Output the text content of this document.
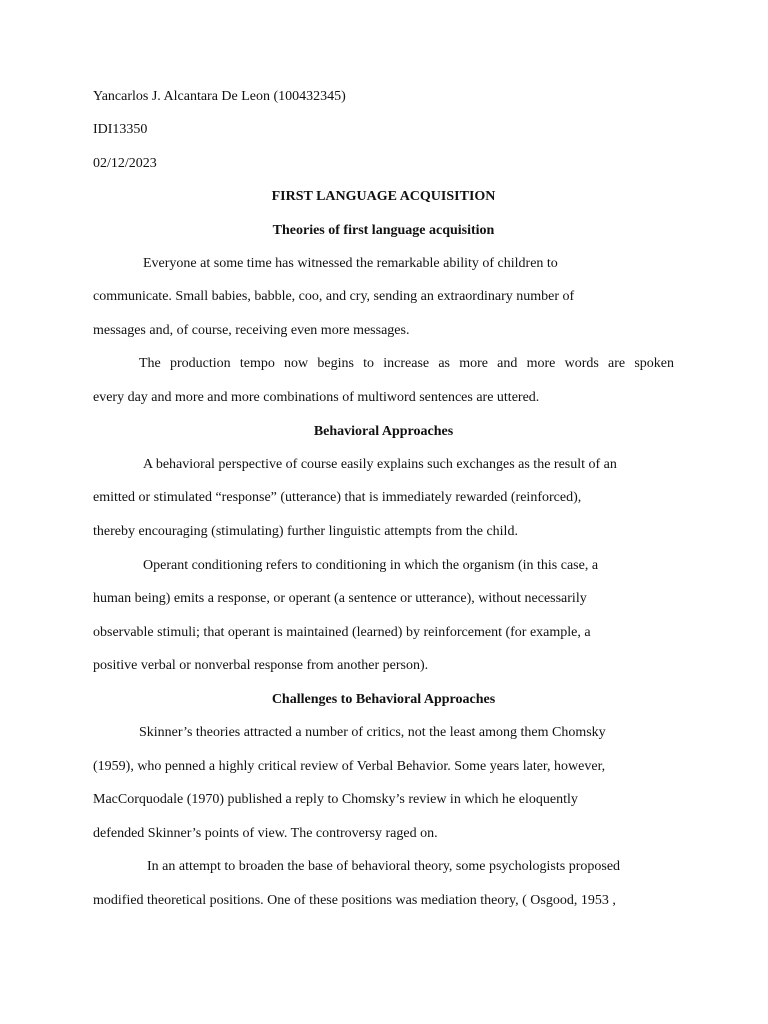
Yancarlos J. Alcantara De Leon (100432345)
IDI13350
02/12/2023
FIRST LANGUAGE ACQUISITION
Theories of first language acquisition
Everyone at some time has witnessed the remarkable ability of children to
communicate. Small babies, babble, coo, and cry, sending an extraordinary number of
messages and, of course, receiving even more messages.
The production tempo now begins to increase as more and more words are spoken
every day and more and more combinations of multiword sentences are uttered.
Behavioral Approaches
A behavioral perspective of course easily explains such exchanges as the result of an
emitted or stimulated “response” (utterance) that is immediately rewarded (reinforced),
thereby encouraging (stimulating) further linguistic attempts from the child.
Operant conditioning refers to conditioning in which the organism (in this case, a
human being) emits a response, or operant (a sentence or utterance), without necessarily
observable stimuli; that operant is maintained (learned) by reinforcement (for example, a
positive verbal or nonverbal response from another person).
Challenges to Behavioral Approaches
Skinner’s theories attracted a number of critics, not the least among them Chomsky
(1959), who penned a highly critical review of Verbal Behavior. Some years later, however,
MacCorquodale (1970) published a reply to Chomsky’s review in which he eloquently
defended Skinner’s points of view. The controversy raged on.
In an attempt to broaden the base of behavioral theory, some psychologists proposed
modified theoretical positions. One of these positions was mediation theory, ( Osgood, 1953 ,
